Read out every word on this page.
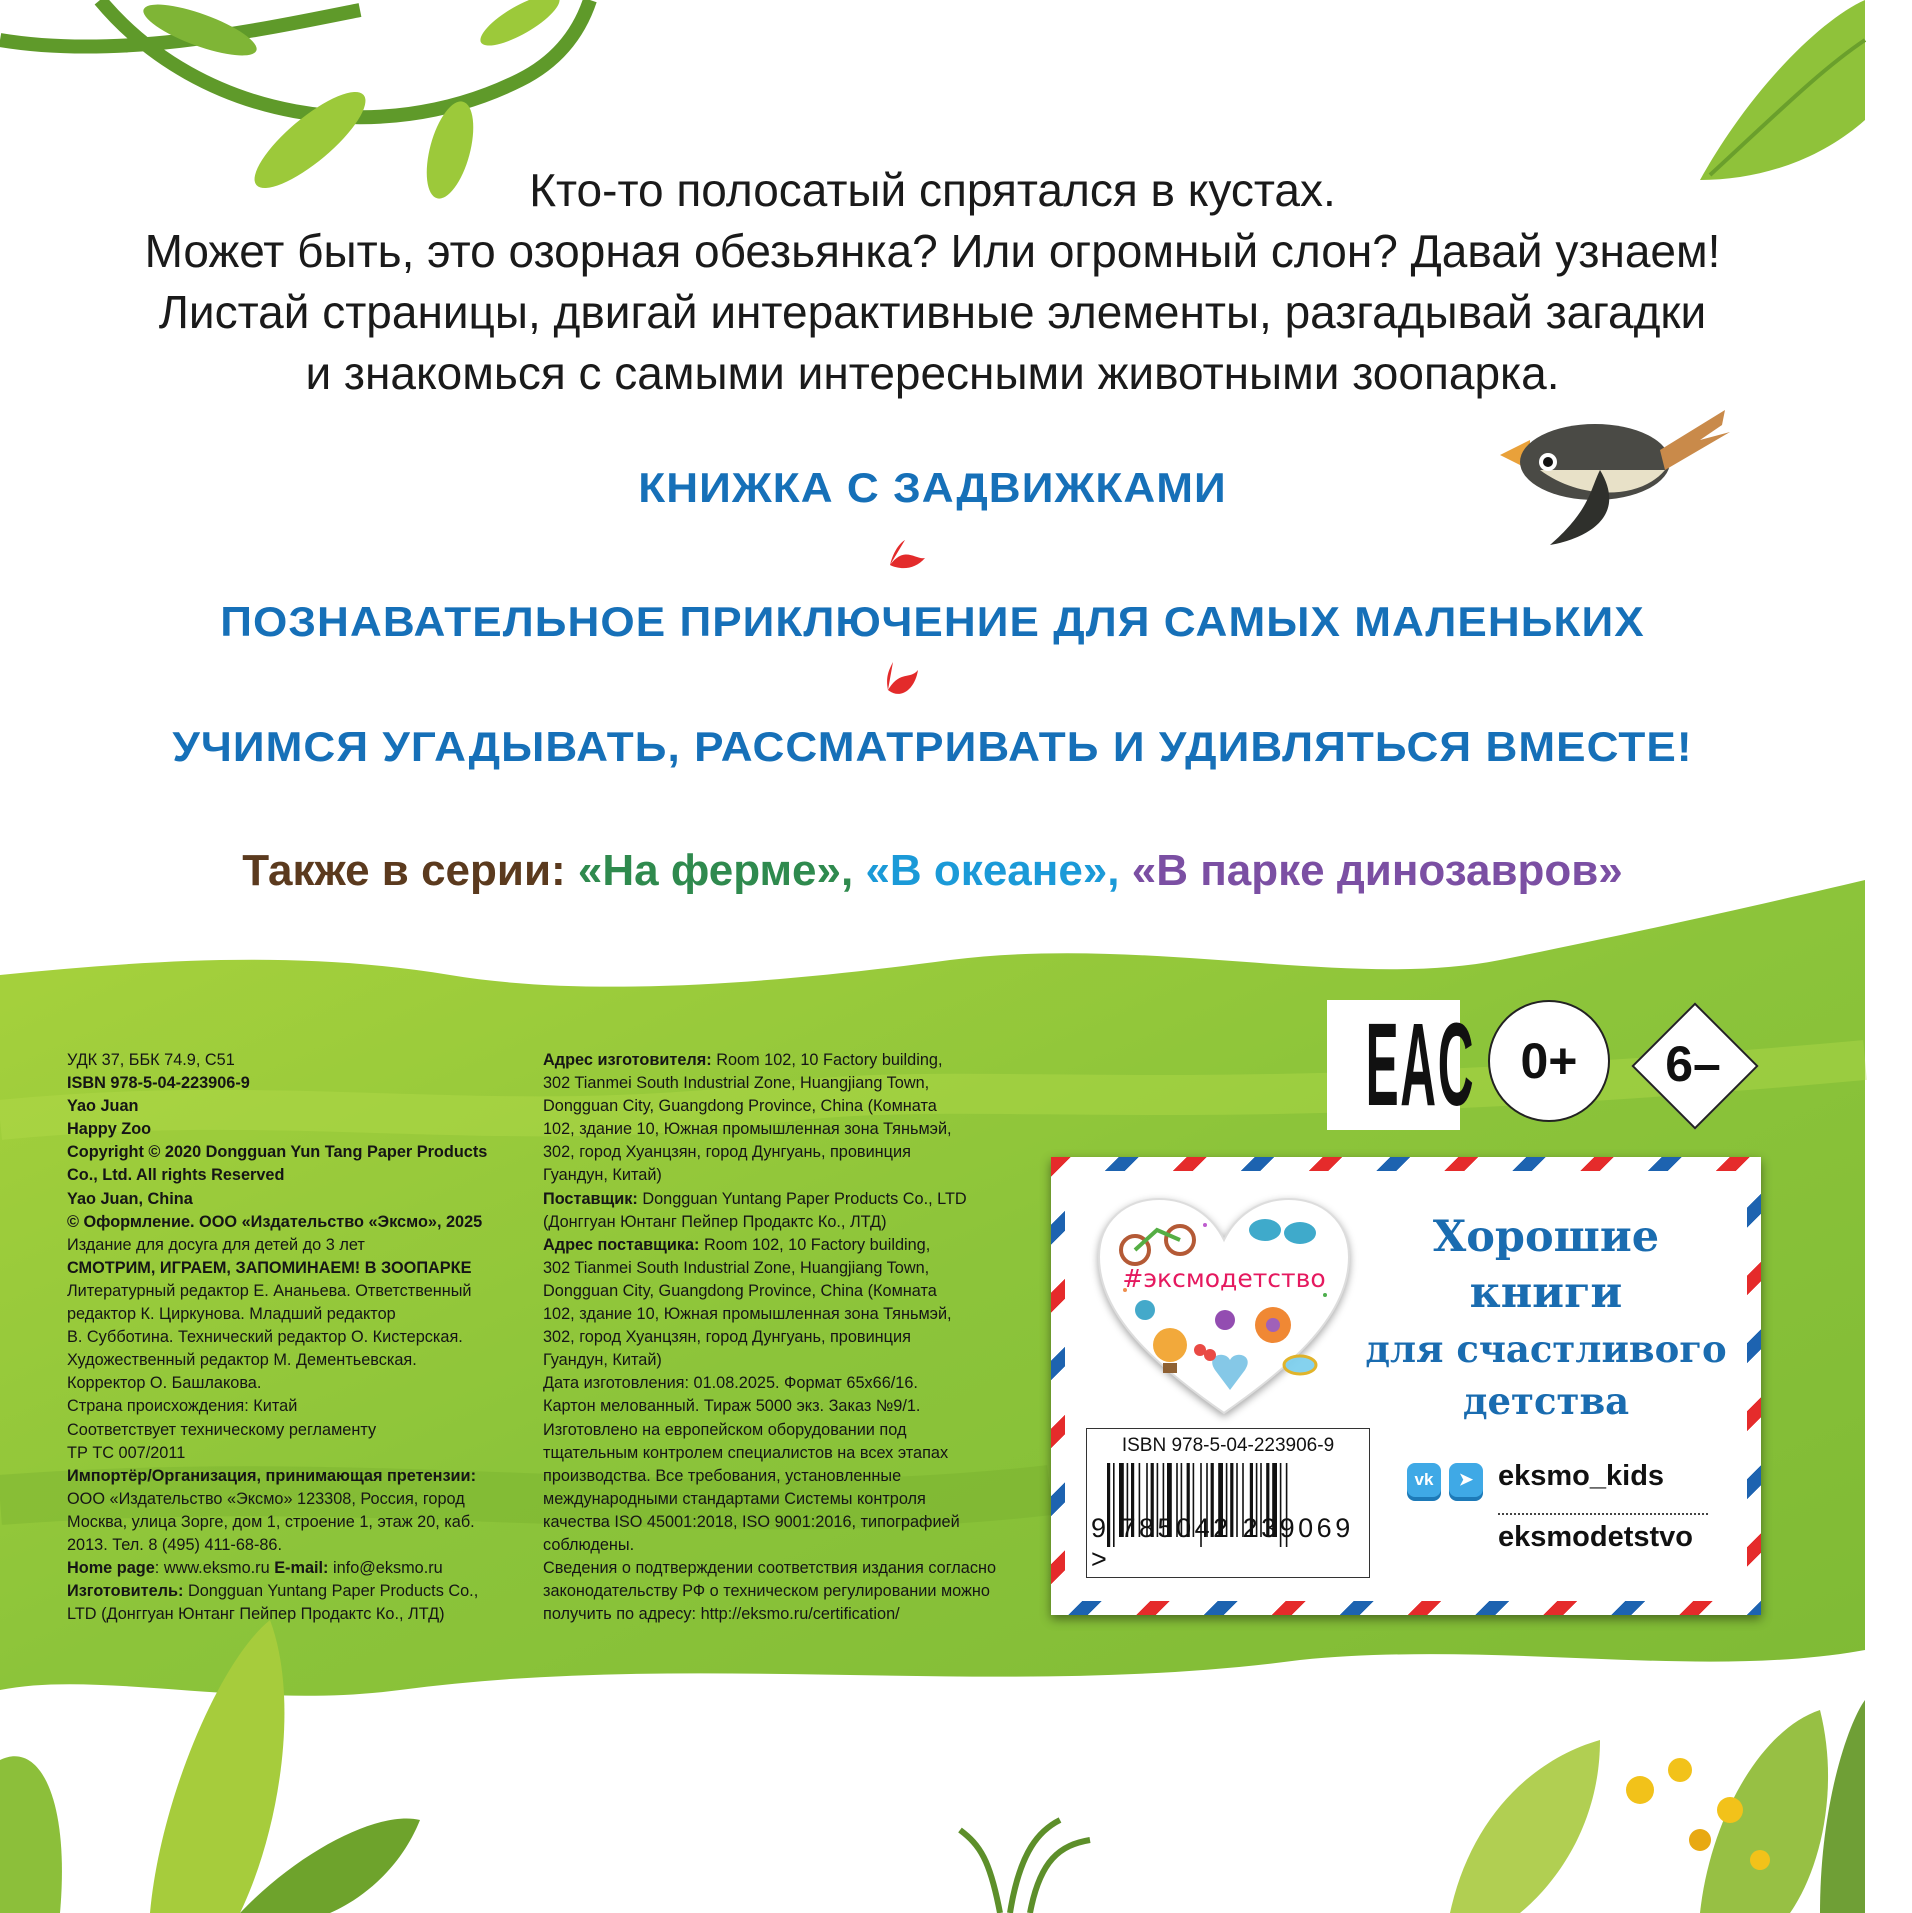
Кто-то полосатый спрятался в кустах.
Может быть, это озорная обезьянка? Или огромный слон? Давай узнаем!
Листай страницы, двигай интерактивные элементы, разгадывай загадки
и знакомься с самыми интересными животными зоопарка.
КНИЖКА С ЗАДВИЖКАМИ
ПОЗНАВАТЕЛЬНОЕ ПРИКЛЮЧЕНИЕ ДЛЯ САМЫХ МАЛЕНЬКИХ
УЧИМСЯ УГАДЫВАТЬ, РАССМАТРИВАТЬ И УДИВЛЯТЬСЯ ВМЕСТЕ!
Также в серии: «На ферме», «В океане», «В парке динозавров»
УДК 37, ББК 74.9, С51
ISBN 978-5-04-223906-9
Yao Juan
Happy Zoo
Copyright © 2020 Dongguan Yun Tang Paper Products
Co., Ltd. All rights Reserved
Yao Juan, China
© Оформление. ООО «Издательство «Эксмо», 2025
Издание для досуга для детей до 3 лет
СМОТРИМ, ИГРАЕМ, ЗАПОМИНАЕМ! В ЗООПАРКЕ
Литературный редактор Е. Ананьева. Ответственный
редактор К. Циркунова. Младший редактор
В. Субботина. Технический редактор О. Кистерская.
Художественный редактор М. Дементьевская.
Корректор О. Башлакова.
Страна происхождения: Китай
Соответствует техническому регламенту
ТР ТС 007/2011
Импортёр/Организация, принимающая претензии:
ООО «Издательство «Эксмо» 123308, Россия, город
Москва, улица Зорге, дом 1, строение 1, этаж 20, каб.
2013. Тел. 8 (495) 411-68-86.
Home page: www.eksmo.ru E-mail: info@eksmo.ru
Изготовитель: Dongguan Yuntang Paper Products Co.,
LTD (Донггуан Юнтанг Пейпер Продактс Ко., ЛТД)
Адрес изготовителя: Room 102, 10 Factory building,
302 Tianmei South Industrial Zone, Huangjiang Town,
Dongguan City, Guangdong Province, China (Комната
102, здание 10, Южная промышленная зона Тяньмэй,
302, город Хуанцзян, город Дунгуань, провинция
Гуандун, Китай)
Поставщик: Dongguan Yuntang Paper Products Co., LTD
(Донггуан Юнтанг Пейпер Продактс Ко., ЛТД)
Адрес поставщика: Room 102, 10 Factory building,
302 Tianmei South Industrial Zone, Huangjiang Town,
Dongguan City, Guangdong Province, China (Комната
102, здание 10, Южная промышленная зона Тяньмэй,
302, город Хуанцзян, город Дунгуань, провинция
Гуандун, Китай)
Дата изготовления: 01.08.2025. Формат 65х66/16.
Картон мелованный. Тираж 5000 экз. Заказ №9/1.
Изготовлено на европейском оборудовании под
тщательным контролем специалистов на всех этапах
производства. Все требования, установленные
международными стандартами Системы контроля
качества ISO 45001:2018, ISO 9001:2016, типографией
соблюдены.
Сведения о подтверждении соответствия издания согласно
законодательству РФ о техническом регулировании можно
получить по адресу: http://eksmo.ru/certification/
EAC 0+	6–
#эксмодетство
ISBN 978-5-04-223906-9
9 785042 239069 >
Хорошие
книги
для счастливого
детства
vk	➤ eksmo_kids
eksmodetstvo
